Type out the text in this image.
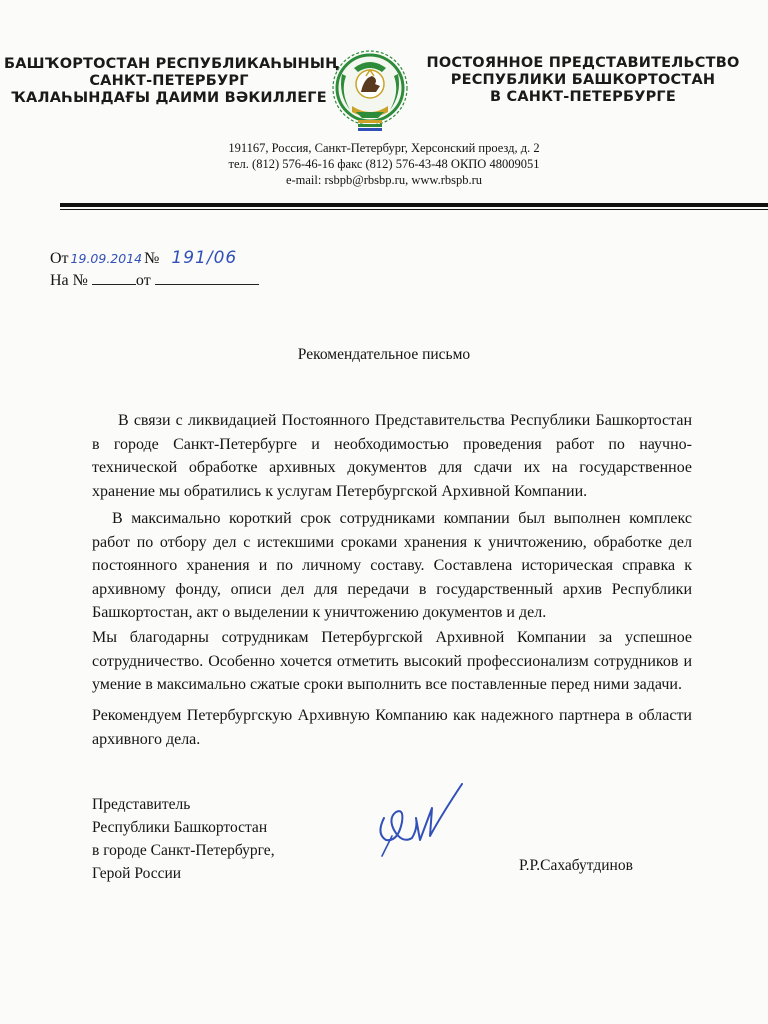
БАШҠОРТОСТАН РЕСПУБЛИКАҺЫНЫҢ
САНКТ-ПЕТЕРБУРГ
ҠАЛАҺЫНДАҒЫ ДАИМИ ВӘКИЛЛЕГЕ
ПОСТОЯННОЕ ПРЕДСТАВИТЕЛЬСТВО
РЕСПУБЛИКИ БАШКОРТОСТАН
В САНКТ-ПЕТЕРБУРГЕ
191167, Россия, Санкт-Петербург, Херсонский проезд, д. 2
тел. (812) 576-46-16 факс (812) 576-43-48 ОКПО 48009051
e-mail: rsbpb@rbsbp.ru, www.rbspb.ru
От 19.09.2014 № 191/06
На №	от
Рекомендательное письмо

В связи с ликвидацией Постоянного Представительства Республики Башкортостан в городе Санкт-Петербурге и необходимостью проведения работ по научно-технической обработке архивных документов для сдачи их на государственное хранение мы обратились к услугам Петербургской Архивной Компании.

В максимально короткий срок сотрудниками компании был выполнен комплекс работ по отбору дел с истекшими сроками хранения к уничтожению, обработке дел постоянного хранения и по личному составу. Составлена историческая справка к архивному фонду, описи дел для передачи в государственный архив Республики Башкортостан, акт о выделении к уничтожению документов и дел.

Мы благодарны сотрудникам Петербургской Архивной Компании за успешное сотрудничество. Особенно хочется отметить высокий профессионализм сотрудников и умение в максимально сжатые сроки выполнить все поставленные перед ними задачи.

Рекомендуем Петербургскую Архивную Компанию как надежного партнера в области архивного дела.

Представитель
Республики Башкортостан
в городе Санкт-Петербурге,
Герой России	Р.Р.Сахабутдинов
